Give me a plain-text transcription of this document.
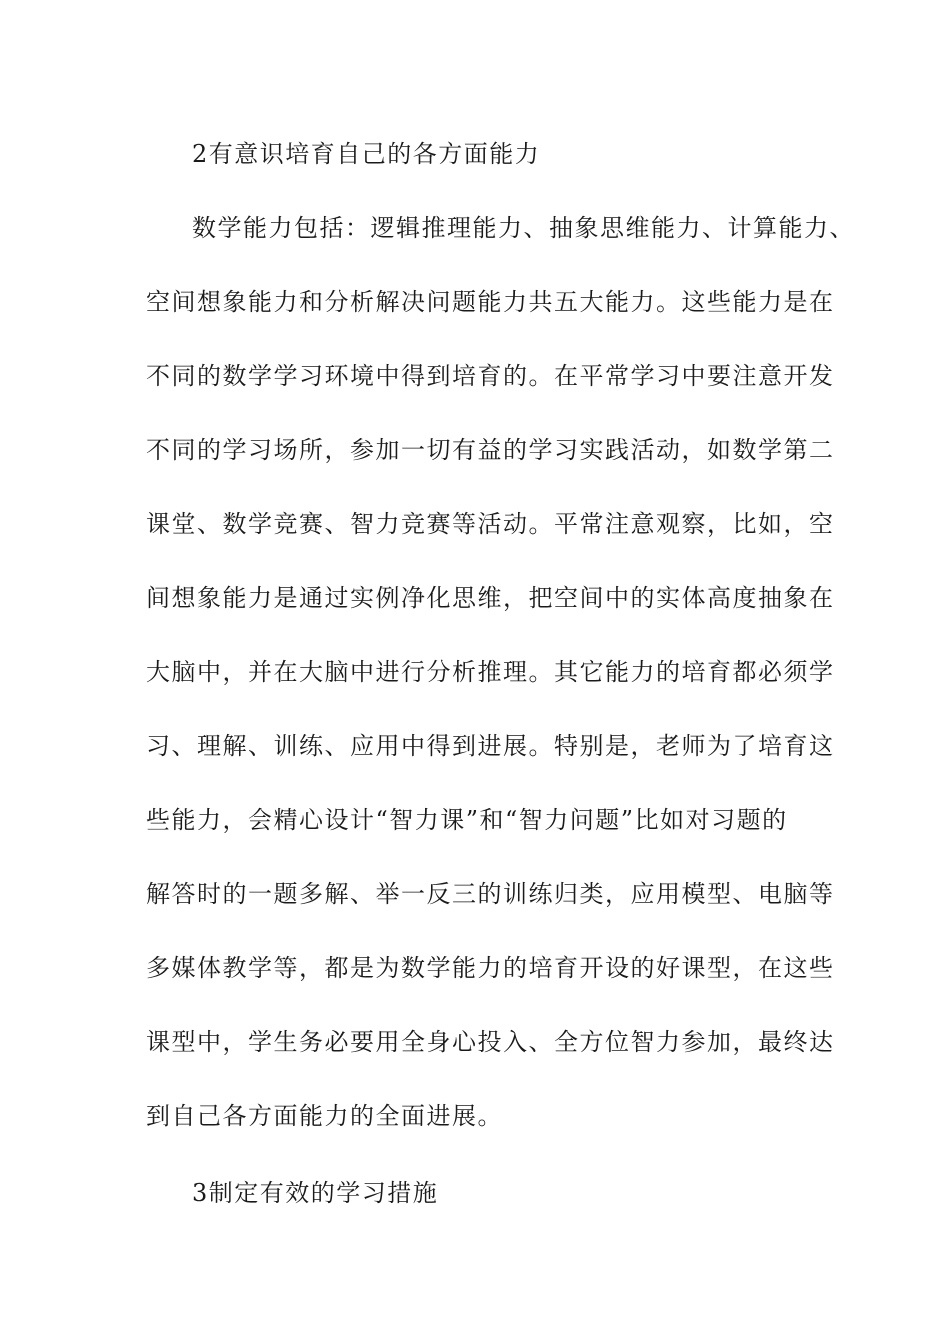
2有意识培育自己的各方面能力
数学能力包括：逻辑推理能力、抽象思维能力、计算能力、
空间想象能力和分析解决问题能力共五大能力。这些能力是在
不同的数学学习环境中得到培育的。在平常学习中要注意开发
不同的学习场所，参加一切有益的学习实践活动，如数学第二
课堂、数学竞赛、智力竞赛等活动。平常注意观察，比如，空
间想象能力是通过实例净化思维，把空间中的实体高度抽象在
大脑中，并在大脑中进行分析推理。其它能力的培育都必须学
习、理解、训练、应用中得到进展。特别是，老师为了培育这
些能力，会精心设计“智力课”和“智力问题”比如对习题的
解答时的一题多解、举一反三的训练归类，应用模型、电脑等
多媒体教学等，都是为数学能力的培育开设的好课型，在这些
课型中，学生务必要用全身心投入、全方位智力参加，最终达
到自己各方面能力的全面进展。
3制定有效的学习措施
